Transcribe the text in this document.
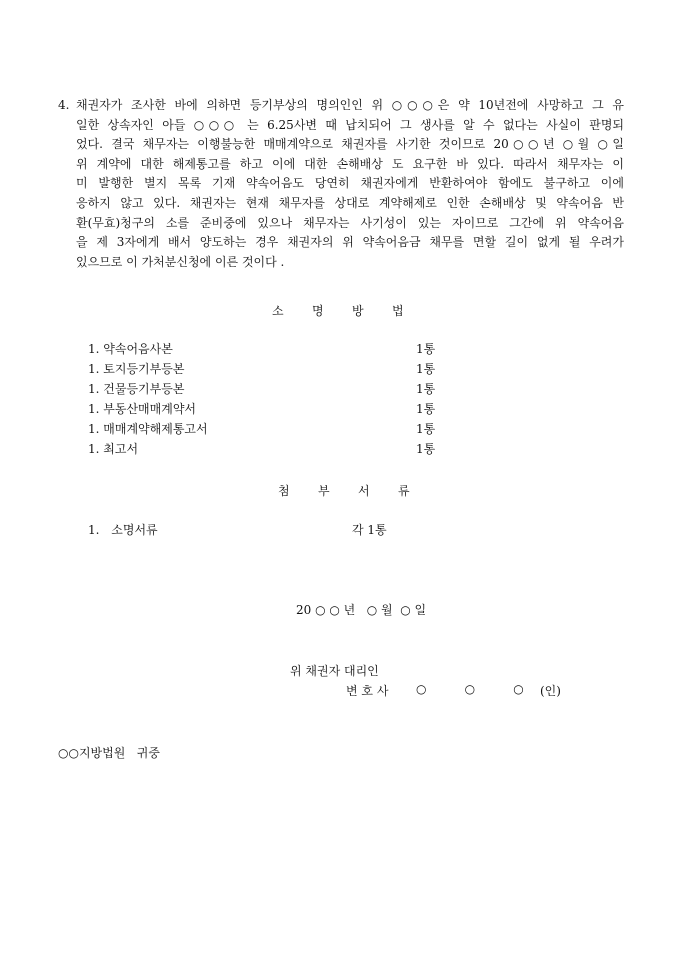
4. 채권자가 조사한 바에 의하면 등기부상의 명의인인 위 ○○○은 약 10년전에 사망하고 그 유
일한 상속자인 아들 ○○○ 는 6.25사변 때 납치되어 그 생사를 알 수 없다는 사실이 판명되
었다. 결국 채무자는 이행불능한 매매계약으로 채권자를 사기한 것이므로 20○○년 ○월 ○일
위 계약에 대한 해제통고를 하고 이에 대한 손해배상 도 요구한 바 있다. 따라서 채무자는 이
미 발행한 별지 목록 기재 약속어음도 당연히 채권자에게 반환하여야 함에도 불구하고 이에
응하지 않고 있다. 채권자는 현재 채무자를 상대로 계약해제로 인한 손해배상 및 약속어음 반
환(무효)청구의 소를 준비중에 있으나 채무자는 사기성이 있는 자이므로 그간에 위 약속어음
을 제 3자에게 배서 양도하는 경우 채권자의 위 약속어음금 채무를 면할 길이 없게 될 우려가
있으므로 이 가처분신청에 이른 것이다 .
소 명 방 법
1. 약속어음사본	1통
1. 토지등기부등본	1통
1. 건물등기부등본	1통
1. 부동산매매계약서	1통
1. 매매계약해제통고서	1통
1. 최고서	1통
첨 부 서 류
1. 소명서류	각 1통
20 ○ ○ 년   ○ 월  ○ 일
위 채권자 대리인
변 호 사 ○          ○          ○ (인)
○○지방법원   귀중
